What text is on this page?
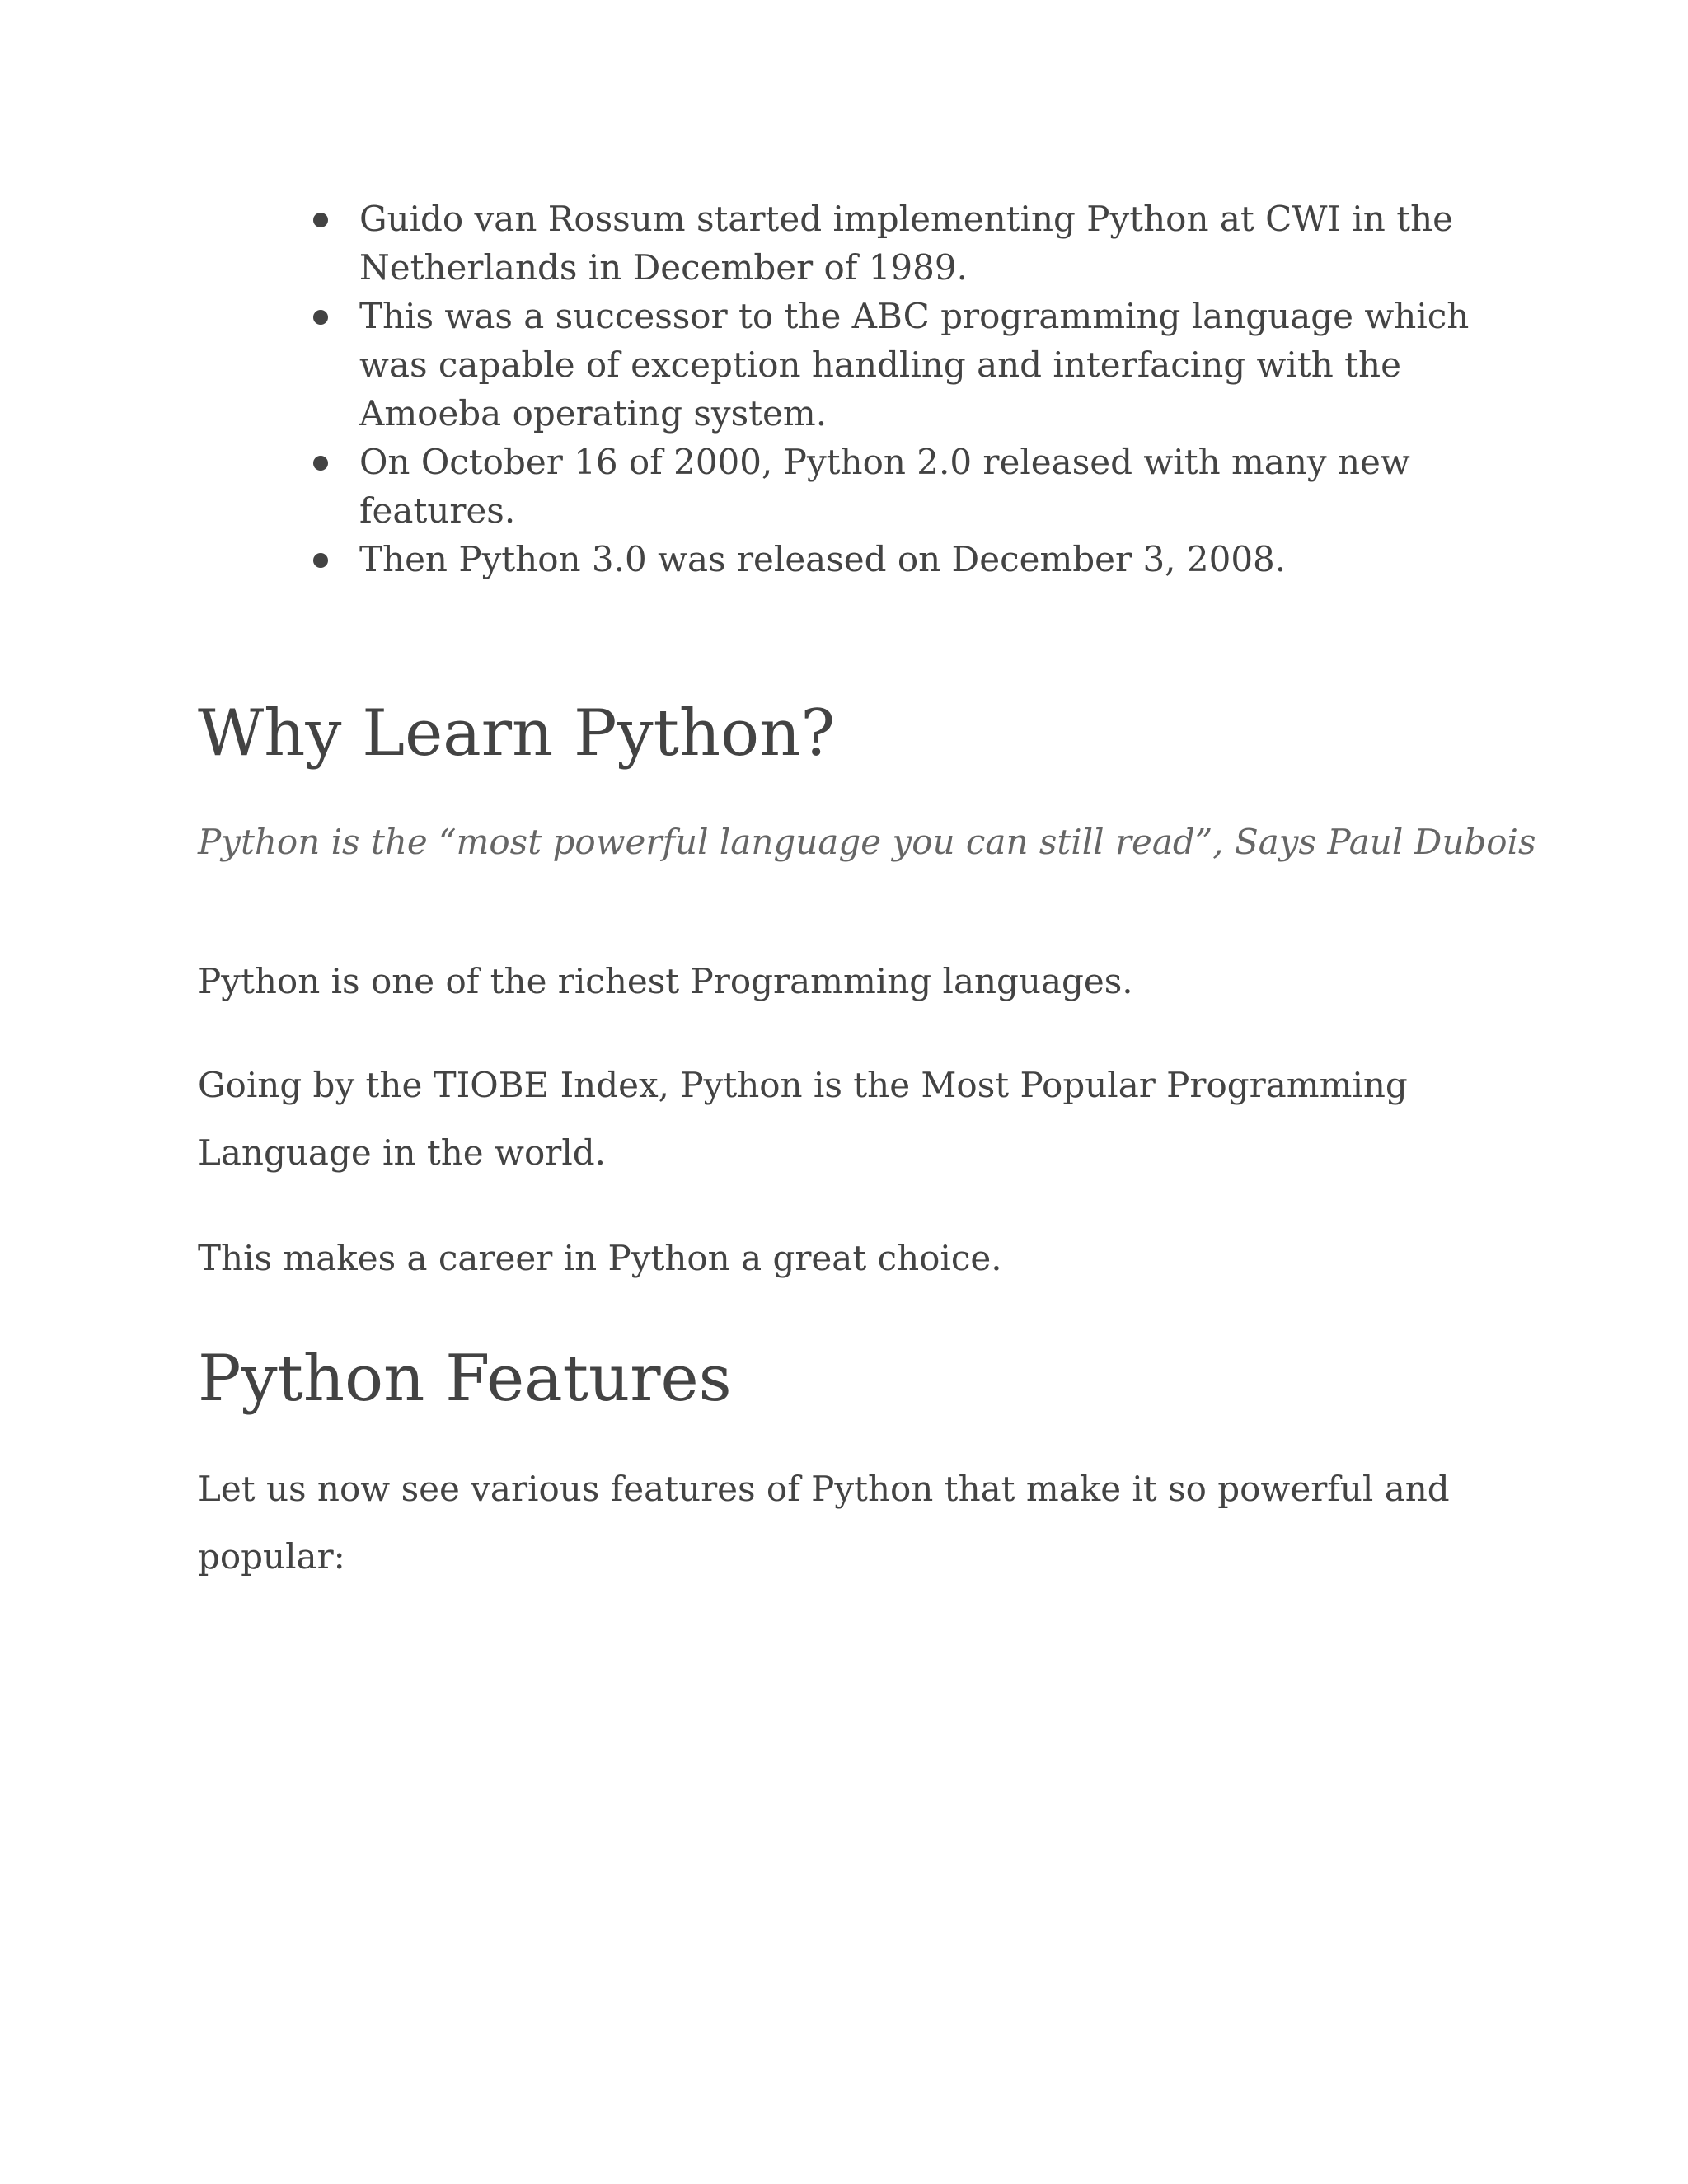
Guido van Rossum started implementing Python at CWI in the Netherlands in December of 1989.
This was a successor to the ABC programming language which was capable of exception handling and interfacing with the Amoeba operating system.
On October 16 of 2000, Python 2.0 released with many new features.
Then Python 3.0 was released on December 3, 2008.
Why Learn Python?

Python is the “most powerful language you can still read”, Says Paul Dubois

Python is one of the richest Programming languages.

Going by the TIOBE Index, Python is the Most Popular Programming Language in the world.

This makes a career in Python a great choice.

Python Features

Let us now see various features of Python that make it so powerful and popular:
